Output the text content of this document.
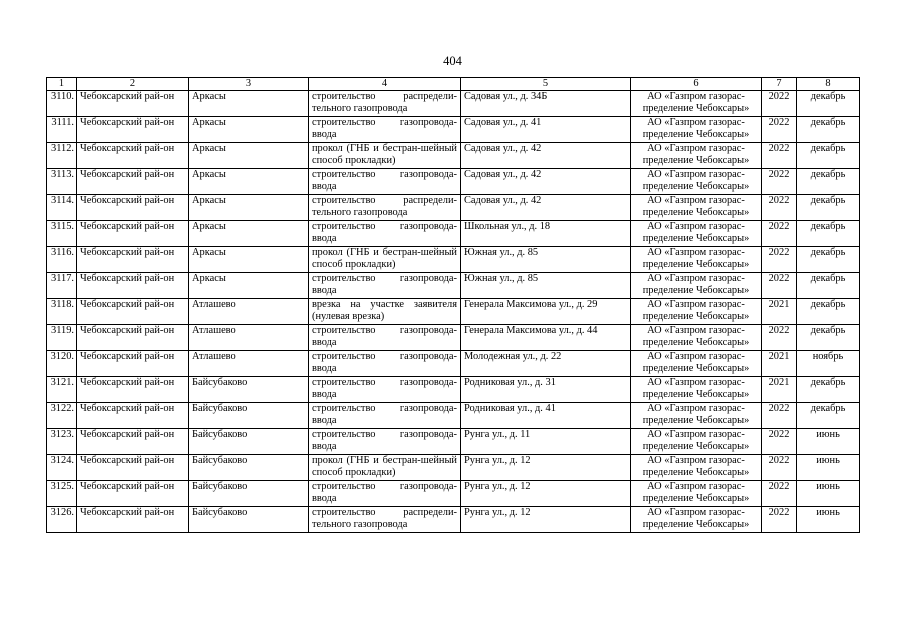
404
1	2	3	4	5	6	7	8
3110.	Чебоксарский рай-он	Аркасы	строительство распредели-тельного газопровода	Садовая ул., д. 34Б	АО «Газпром газорас-пределение Чебоксары»	2022	декабрь
3111.	Чебоксарский рай-он	Аркасы	строительство газопровода-ввода	Садовая ул., д. 41	АО «Газпром газорас-пределение Чебоксары»	2022	декабрь
3112.	Чебоксарский рай-он	Аркасы	прокол (ГНБ и бестран-шейный способ прокладки)	Садовая ул., д. 42	АО «Газпром газорас-пределение Чебоксары»	2022	декабрь
3113.	Чебоксарский рай-он	Аркасы	строительство газопровода-ввода	Садовая ул., д. 42	АО «Газпром газорас-пределение Чебоксары»	2022	декабрь
3114.	Чебоксарский рай-он	Аркасы	строительство распредели-тельного газопровода	Садовая ул., д. 42	АО «Газпром газорас-пределение Чебоксары»	2022	декабрь
3115.	Чебоксарский рай-он	Аркасы	строительство газопровода-ввода	Школьная ул., д. 18	АО «Газпром газорас-пределение Чебоксары»	2022	декабрь
3116.	Чебоксарский рай-он	Аркасы	прокол (ГНБ и бестран-шейный способ прокладки)	Южная ул., д. 85	АО «Газпром газорас-пределение Чебоксары»	2022	декабрь
3117.	Чебоксарский рай-он	Аркасы	строительство газопровода-ввода	Южная ул., д. 85	АО «Газпром газорас-пределение Чебоксары»	2022	декабрь
3118.	Чебоксарский рай-он	Атлашево	врезка на участке заявителя (нулевая врезка)	Генерала Максимова ул., д. 29	АО «Газпром газорас-пределение Чебоксары»	2021	декабрь
3119.	Чебоксарский рай-он	Атлашево	строительство газопровода-ввода	Генерала Максимова ул., д. 44	АО «Газпром газорас-пределение Чебоксары»	2022	декабрь
3120.	Чебоксарский рай-он	Атлашево	строительство газопровода-ввода	Молодежная ул., д. 22	АО «Газпром газорас-пределение Чебоксары»	2021	ноябрь
3121.	Чебоксарский рай-он	Байсубаково	строительство газопровода-ввода	Родниковая ул., д. 31	АО «Газпром газорас-пределение Чебоксары»	2021	декабрь
3122.	Чебоксарский рай-он	Байсубаково	строительство газопровода-ввода	Родниковая ул., д. 41	АО «Газпром газорас-пределение Чебоксары»	2022	декабрь
3123.	Чебоксарский рай-он	Байсубаково	строительство газопровода-ввода	Рунга ул., д. 11	АО «Газпром газорас-пределение Чебоксары»	2022	июнь
3124.	Чебоксарский рай-он	Байсубаково	прокол (ГНБ и бестран-шейный способ прокладки)	Рунга ул., д. 12	АО «Газпром газорас-пределение Чебоксары»	2022	июнь
3125.	Чебоксарский рай-он	Байсубаково	строительство газопровода-ввода	Рунга ул., д. 12	АО «Газпром газорас-пределение Чебоксары»	2022	июнь
3126.	Чебоксарский рай-он	Байсубаково	строительство распредели-тельного газопровода	Рунга ул., д. 12	АО «Газпром газорас-пределение Чебоксары»	2022	июнь
